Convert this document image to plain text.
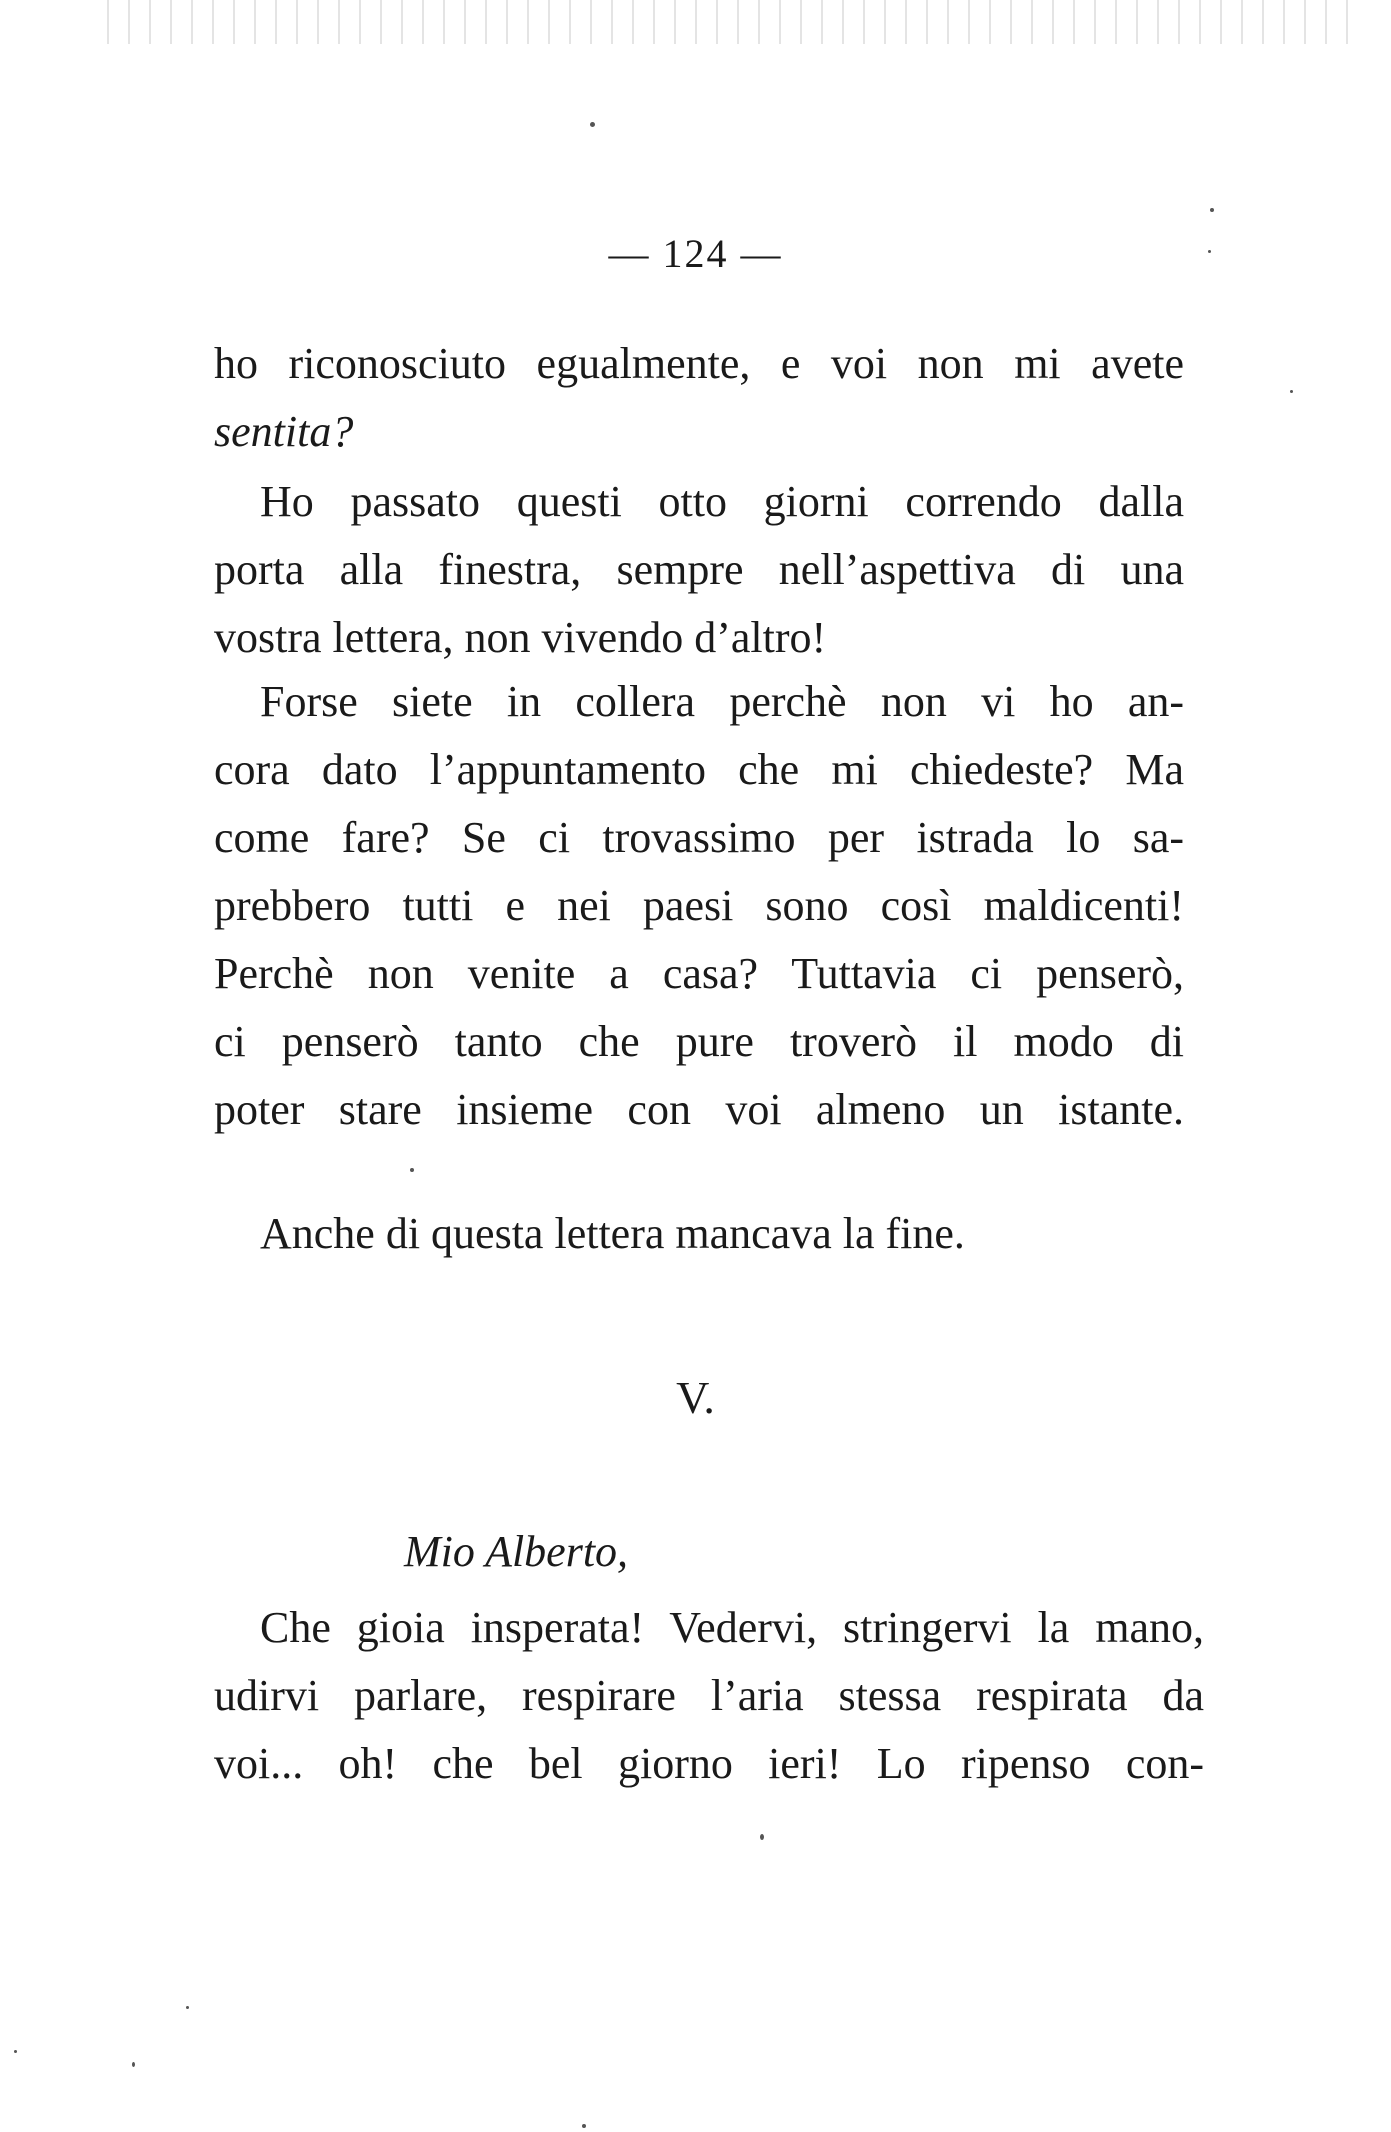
— 124 —
ho riconosciuto egualmente, e voi non mi avete
sentita?
Ho passato questi otto giorni correndo dalla
porta alla finestra, sempre nell’aspettiva di una
vostra lettera, non vivendo d’altro!
Forse siete in collera perchè non vi ho an-
cora dato l’appuntamento che mi chiedeste? Ma
come fare? Se ci trovassimo per istrada lo sa-
prebbero tutti e nei paesi sono così maldicenti!
Perchè non venite a casa? Tuttavia ci penserò,
ci penserò tanto che pure troverò il modo di
poter stare insieme con voi almeno un istante.
Anche di questa lettera mancava la fine.
V.
Mio Alberto,
Che gioia insperata! Vedervi, stringervi la mano,
udirvi parlare, respirare l’aria stessa respirata da
voi... oh! che bel giorno ieri! Lo ripenso con-
